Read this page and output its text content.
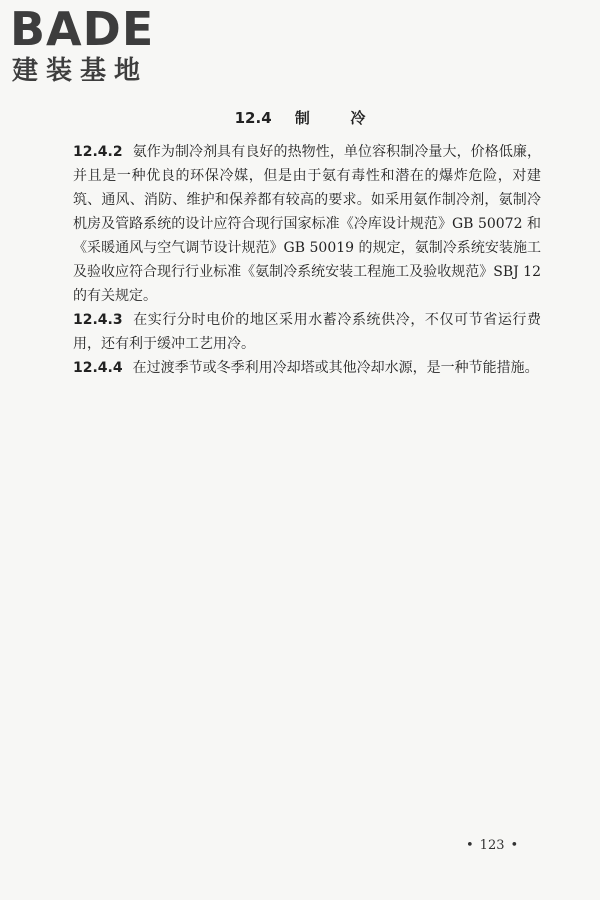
BADE
建装基地
12.4 制	冷

12.4.2 氨作为制冷剂具有良好的热物性，单位容积制冷量大，价格低廉，并且是一种优良的环保冷媒，但是由于氨有毒性和潜在的爆炸危险，对建筑、通风、消防、维护和保养都有较高的要求。如采用氨作制冷剂，氨制冷机房及管路系统的设计应符合现行国家标准《冷库设计规范》GB 50072 和《采暖通风与空气调节设计规范》GB 50019 的规定，氨制冷系统安装施工及验收应符合现行行业标准《氨制冷系统安装工程施工及验收规范》SBJ 12 的有关规定。

12.4.3 在实行分时电价的地区采用水蓄冷系统供冷，不仅可节省运行费用，还有利于缓冲工艺用冷。

12.4.4 在过渡季节或冬季利用冷却塔或其他冷却水源，是一种节能措施。

• 123 •
